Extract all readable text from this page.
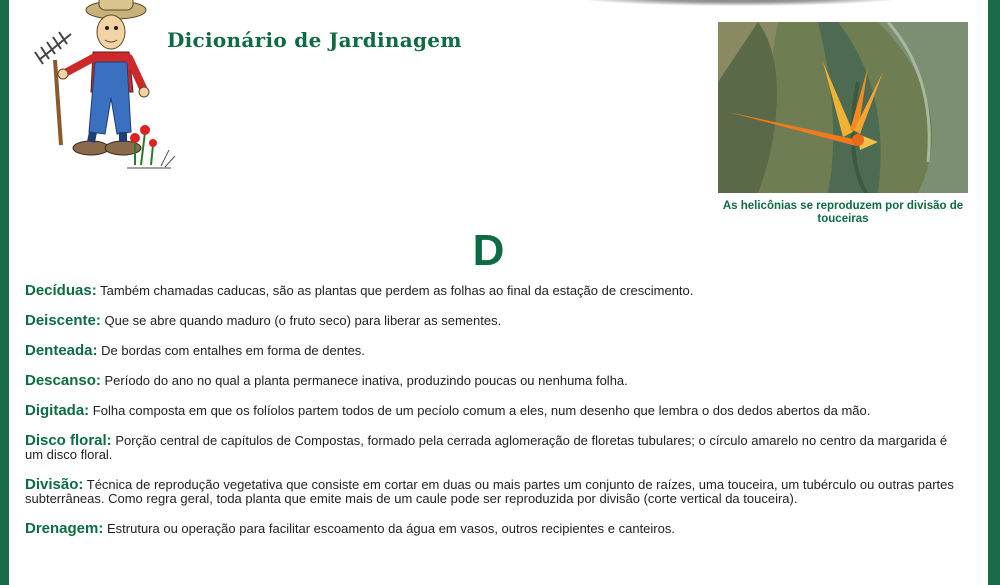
Dicionário de Jardinagem

As helicônias se reproduzem por divisão de touceiras

D
Decíduas: Também chamadas caducas, são as plantas que perdem as folhas ao final da estação de crescimento.
Deiscente: Que se abre quando maduro (o fruto seco) para liberar as sementes.
Denteada: De bordas com entalhes em forma de dentes.
Descanso: Período do ano no qual a planta permanece inativa, produzindo poucas ou nenhuma folha.
Digitada: Folha composta em que os folíolos partem todos de um pecíolo comum a eles, num desenho que lembra o dos dedos abertos da mão.
Disco floral: Porção central de capítulos de Compostas, formado pela cerrada aglomeração de floretas tubulares; o círculo amarelo no centro da margarida é um disco floral.
Divisão: Técnica de reprodução vegetativa que consiste em cortar em duas ou mais partes um conjunto de raízes, uma touceira, um tubérculo ou outras partes subterrâneas. Como regra geral, toda planta que emite mais de um caule pode ser reproduzida por divisão (corte vertical da touceira).
Drenagem: Estrutura ou operação para facilitar escoamento da água em vasos, outros recipientes e canteiros.
